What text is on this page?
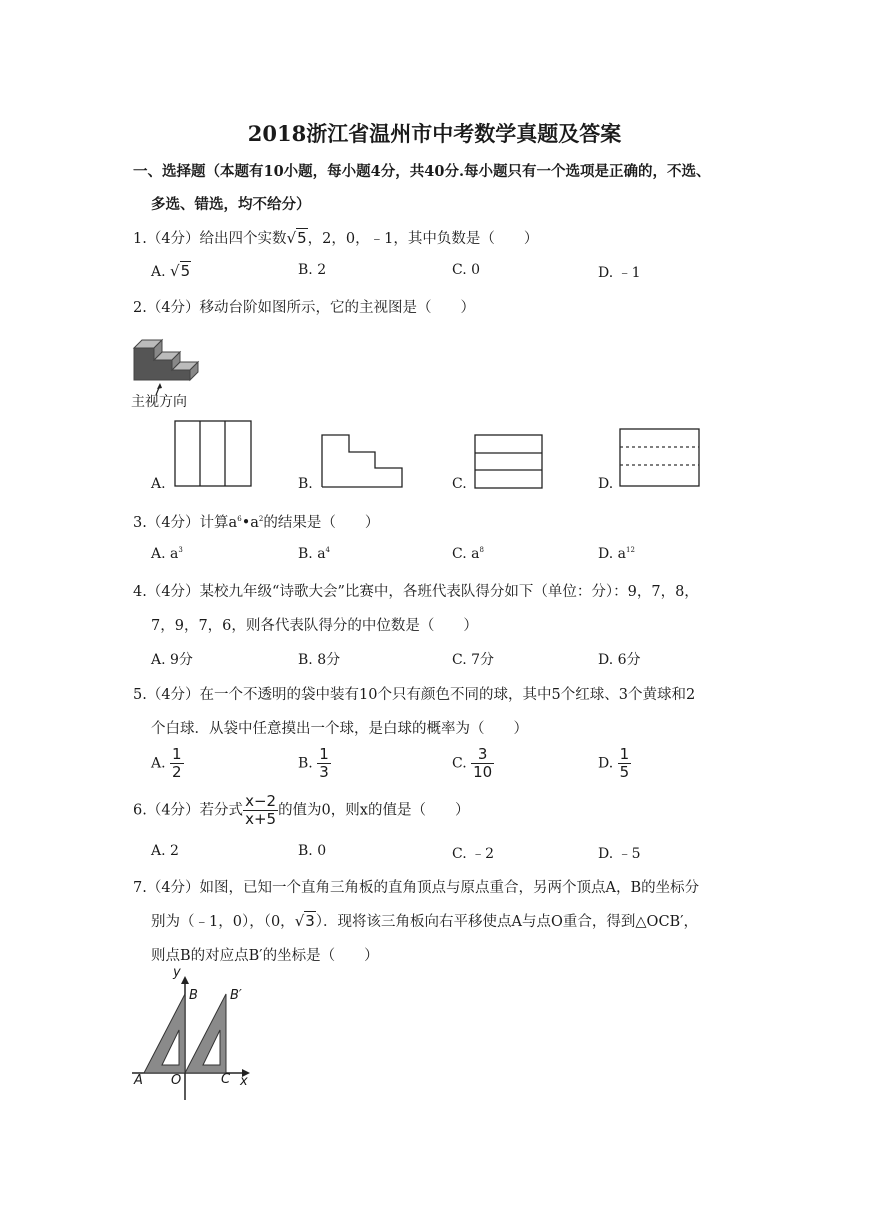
2018浙江省温州市中考数学真题及答案
一、选择题（本题有10小题，每小题4分，共40分.每小题只有一个选项是正确的，不选、
多选、错选，均不给分）
1.（4分）给出四个实数√5，2，0，﹣1，其中负数是（　　）
A. √5	B. 2	C. 0	D. ﹣1
2.（4分）移动台阶如图所示，它的主视图是（　　）
主视方向
A.	B.	C.	D.
3.（4分）计算$a^6•a^2$的结果是（　　）
A. $a^3$	B. $a^4$	C. $a^8$	D. $a^{12}$
4.（4分）某校九年级“诗歌大会”比赛中，各班代表队得分如下（单位：分）：9，7，8，
7，9，7，6，则各代表队得分的中位数是（　　）
A. 9分	B. 8分	C. 7分	D. 6分
5.（4分）在一个不透明的袋中装有10个只有颜色不同的球，其中5个红球、3个黄球和2
个白球．从袋中任意摸出一个球，是白球的概率为（　　）
A. $\frac{1}{2}$	B. $\frac{1}{3}$	C. $\frac{3}{10}$	D. $\frac{1}{5}$
6.（4分）若分式 $\frac{x-2}{x+5}$ 的值为0，则x的值是（　　）
A. 2	B. 0	C. ﹣2	D. ﹣5
7.（4分）如图，已知一个直角三角板的直角顶点与原点重合，另两个顶点A，B的坐标分
别为（﹣1，0），（0，√3）．现将该三角板向右平移使点A与点O重合，得到△OCB′，
则点B的对应点B′的坐标是（　　）
y
B B′
A O	C x
